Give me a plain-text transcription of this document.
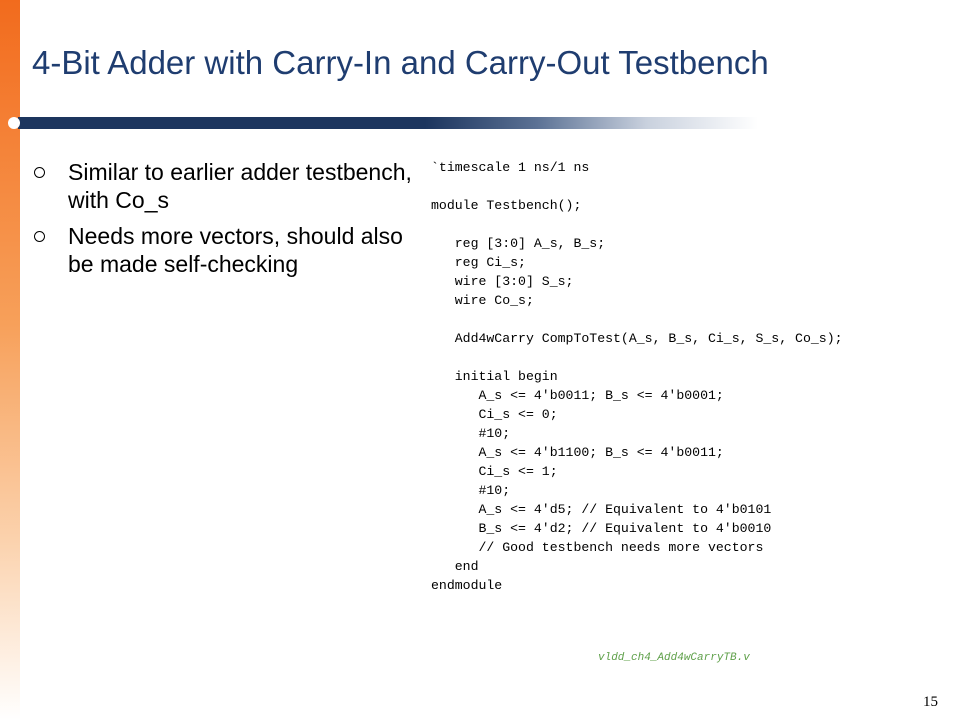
4-Bit Adder with Carry-In and Carry-Out Testbench
Similar to earlier adder testbench, with Co_s
Needs more vectors, should also be made self-checking
`timescale 1 ns/1 ns
module Testbench();
reg [3:0] A_s, B_s;
reg Ci_s;
wire [3:0] S_s;
wire Co_s;
Add4wCarry CompToTest(A_s, B_s, Ci_s, S_s, Co_s);
initial begin
A_s <= 4'b0011; B_s <= 4'b0001;
Ci_s <= 0;
#10;
A_s <= 4'b1100; B_s <= 4'b0011;
Ci_s <= 1;
#10;
A_s <= 4'd5; // Equivalent to 4'b0101
B_s <= 4'd2; // Equivalent to 4'b0010
// Good testbench needs more vectors
end
endmodule
vldd_ch4_Add4wCarryTB.v
15
